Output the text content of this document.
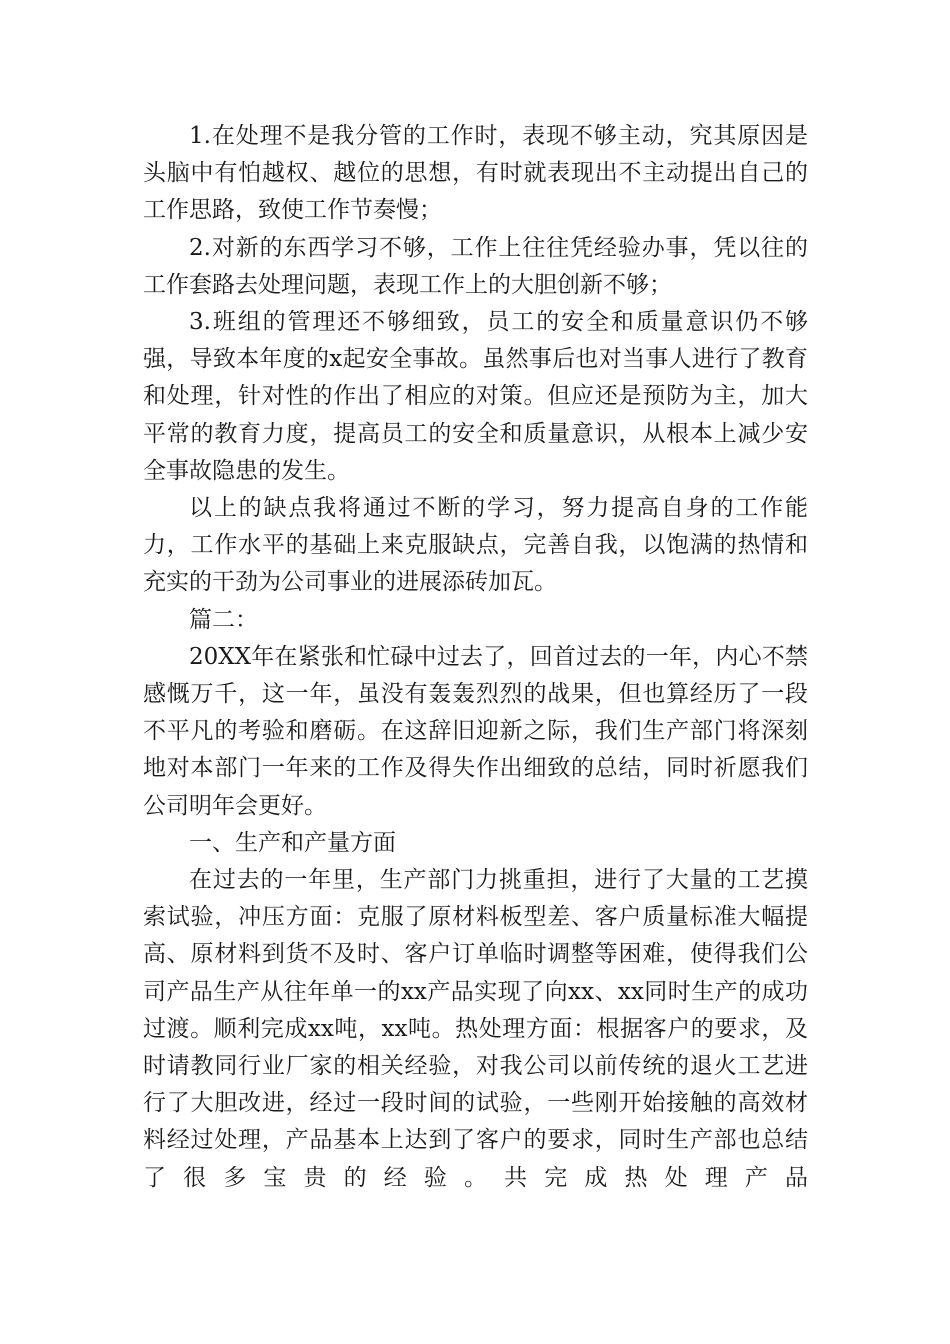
1.在处理不是我分管的工作时，表现不够主动，究其原因是头脑中有怕越权、越位的思想，有时就表现出不主动提出自己的工作思路，致使工作节奏慢；

2.对新的东西学习不够，工作上往往凭经验办事，凭以往的工作套路去处理问题，表现工作上的大胆创新不够；

3.班组的管理还不够细致，员工的安全和质量意识仍不够强，导致本年度的x起安全事故。虽然事后也对当事人进行了教育和处理，针对性的作出了相应的对策。但应还是预防为主，加大平常的教育力度，提高员工的安全和质量意识，从根本上减少安全事故隐患的发生。

以上的缺点我将通过不断的学习，努力提高自身的工作能力，工作水平的基础上来克服缺点，完善自我，以饱满的热情和充实的干劲为公司事业的进展添砖加瓦。

篇二：

20XX年在紧张和忙碌中过去了，回首过去的一年，内心不禁感慨万千，这一年，虽没有轰轰烈烈的战果，但也算经历了一段不平凡的考验和磨砺。在这辞旧迎新之际，我们生产部门将深刻地对本部门一年来的工作及得失作出细致的总结，同时祈愿我们公司明年会更好。

一、生产和产量方面

在过去的一年里，生产部门力挑重担，进行了大量的工艺摸索试验，冲压方面：克服了原材料板型差、客户质量标准大幅提高、原材料到货不及时、客户订单临时调整等困难，使得我们公司产品生产从往年单一的xx产品实现了向xx、xx同时生产的成功过渡。顺利完成xx吨，xx吨。热处理方面：根据客户的要求，及时请教同行业厂家的相关经验，对我公司以前传统的退火工艺进行了大胆改进，经过一段时间的试验，一些刚开始接触的高效材料经过处理，产品基本上达到了客户的要求，同时生产部也总结了很多宝贵的经验。共完成热处理产品
